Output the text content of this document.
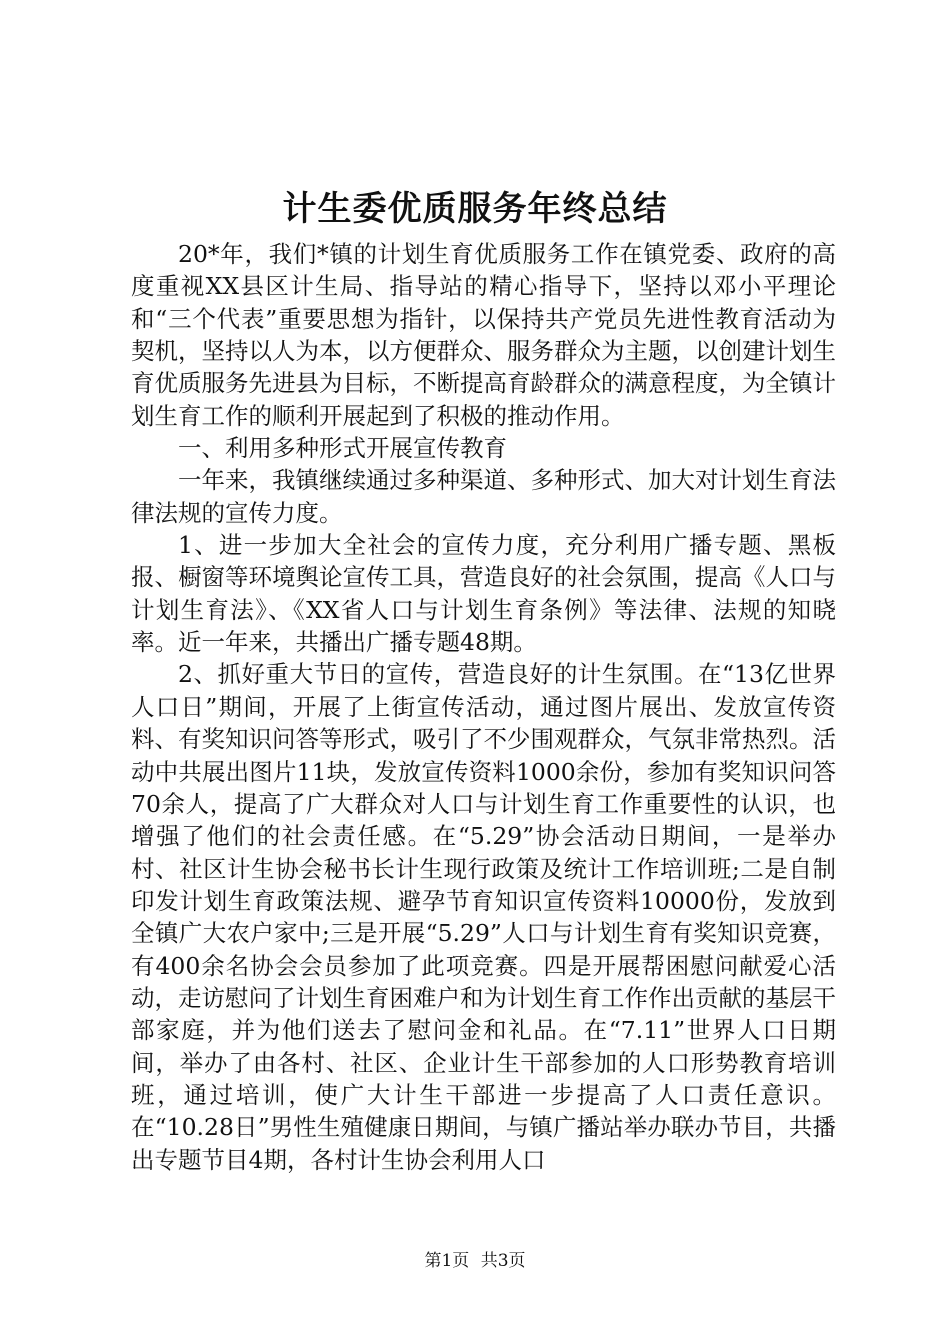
计生委优质服务年终总结

20*年，我们*镇的计划生育优质服务工作在镇党委、政府的高度重视XX县区计生局、指导站的精心指导下，坚持以邓小平理论和“三个代表”重要思想为指针，以保持共产党员先进性教育活动为契机，坚持以人为本，以方便群众、服务群众为主题，以创建计划生育优质服务先进县为目标，不断提高育龄群众的满意程度，为全镇计划生育工作的顺利开展起到了积极的推动作用。

一、利用多种形式开展宣传教育

一年来，我镇继续通过多种渠道、多种形式、加大对计划生育法律法规的宣传力度。

1、进一步加大全社会的宣传力度，充分利用广播专题、黑板报、橱窗等环境舆论宣传工具，营造良好的社会氛围，提高《人口与计划生育法》、《XX省人口与计划生育条例》等法律、法规的知晓率。近一年来，共播出广播专题48期。

2、抓好重大节日的宣传，营造良好的计生氛围。在“13亿世界人口日”期间，开展了上街宣传活动，通过图片展出、发放宣传资料、有奖知识问答等形式，吸引了不少围观群众，气氛非常热烈。活动中共展出图片11块，发放宣传资料1000余份，参加有奖知识问答70余人，提高了广大群众对人口与计划生育工作重要性的认识，也增强了他们的社会责任感。在“5.29”协会活动日期间，一是举办村、社区计生协会秘书长计生现行政策及统计工作培训班;二是自制印发计划生育政策法规、避孕节育知识宣传资料10000份，发放到全镇广大农户家中;三是开展“5.29”人口与计划生育有奖知识竞赛，有400余名协会会员参加了此项竞赛。四是开展帮困慰问献爱心活动，走访慰问了计划生育困难户和为计划生育工作作出贡献的基层干部家庭，并为他们送去了慰问金和礼品。在“7.11”世界人口日期间，举办了由各村、社区、企业计生干部参加的人口形势教育培训班，通过培训，使广大计生干部进一步提高了人口责任意识。在“10.28日”男性生殖健康日期间，与镇广播站举办联办节目，共播出专题节目4期，各村计生协会利用人口

第1页 共3页
